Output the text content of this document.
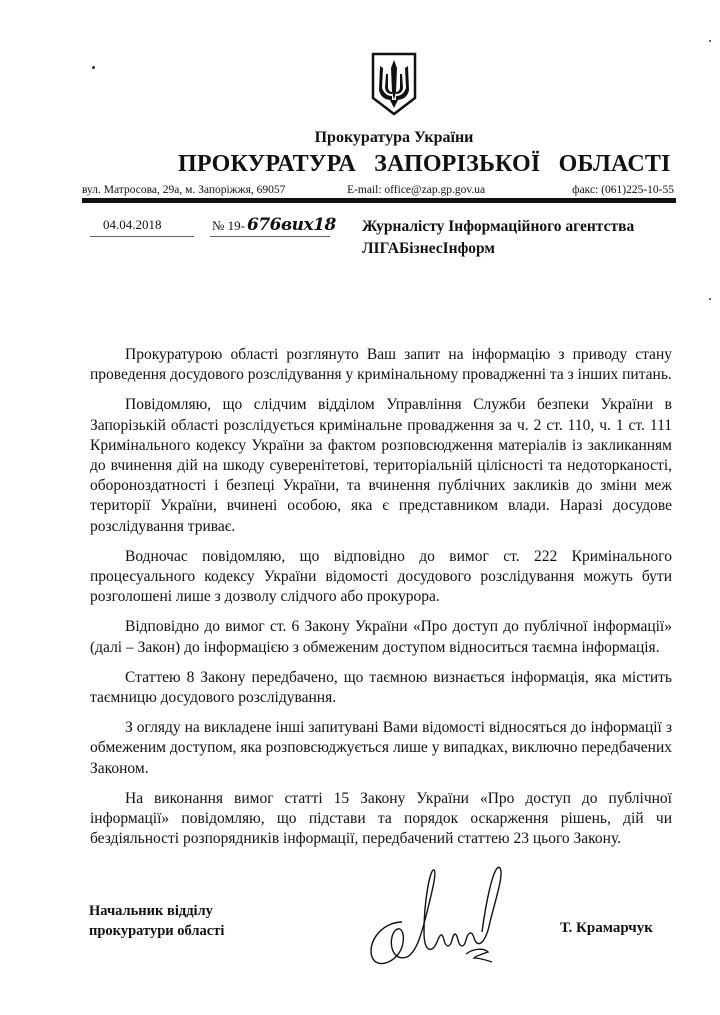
Прокуратура України
ПРОКУРАТУРА ЗАПОРІЗЬКОЇ ОБЛАСТІ
вул. Матросова, 29а, м. Запоріжжя, 69057	E-mail: office@zap.gp.gov.ua	факс: (061)225-10-55
04.04.2018	№ 19- 676вих18 Журналісту Інформаційного агентства
ЛІГАБізнесІнформ

Прокуратурою області розглянуто Ваш запит на інформацію з приводу стану проведення досудового розслідування у кримінальному провадженні та з інших питань.

Повідомляю, що слідчим відділом Управління Служби безпеки України в Запорізькій області розслідується кримінальне провадження за ч. 2 ст. 110, ч. 1 ст. 111 Кримінального кодексу України за фактом розповсюдження матеріалів із закликанням до вчинення дій на шкоду суверенітетові, територіальній цілісності та недоторканості, обороноздатності і безпеці України, та вчинення публічних закликів до зміни меж території України, вчинені особою, яка є представником влади. Наразі досудове розслідування триває.

Водночас повідомляю, що відповідно до вимог ст. 222 Кримінального процесуального кодексу України відомості досудового розслідування можуть бути розголошені лише з дозволу слідчого або прокурора.

Відповідно до вимог ст. 6 Закону України «Про доступ до публічної інформації» (далі – Закон) до інформацією з обмеженим доступом відноситься таємна інформація.

Статтею 8 Закону передбачено, що таємною визнається інформація, яка містить таємницю досудового розслідування.

З огляду на викладене інші запитувані Вами відомості відносяться до інформації з обмеженим доступом, яка розповсюджується лише у випадках, виключно передбачених Законом.

На виконання вимог статті 15 Закону України «Про доступ до публічної інформації» повідомляю, що підстави та порядок оскарження рішень, дій чи бездіяльності розпорядників інформації, передбачений статтею 23 цього Закону.

Начальник відділу
прокуратури області	Т. Крамарчук
